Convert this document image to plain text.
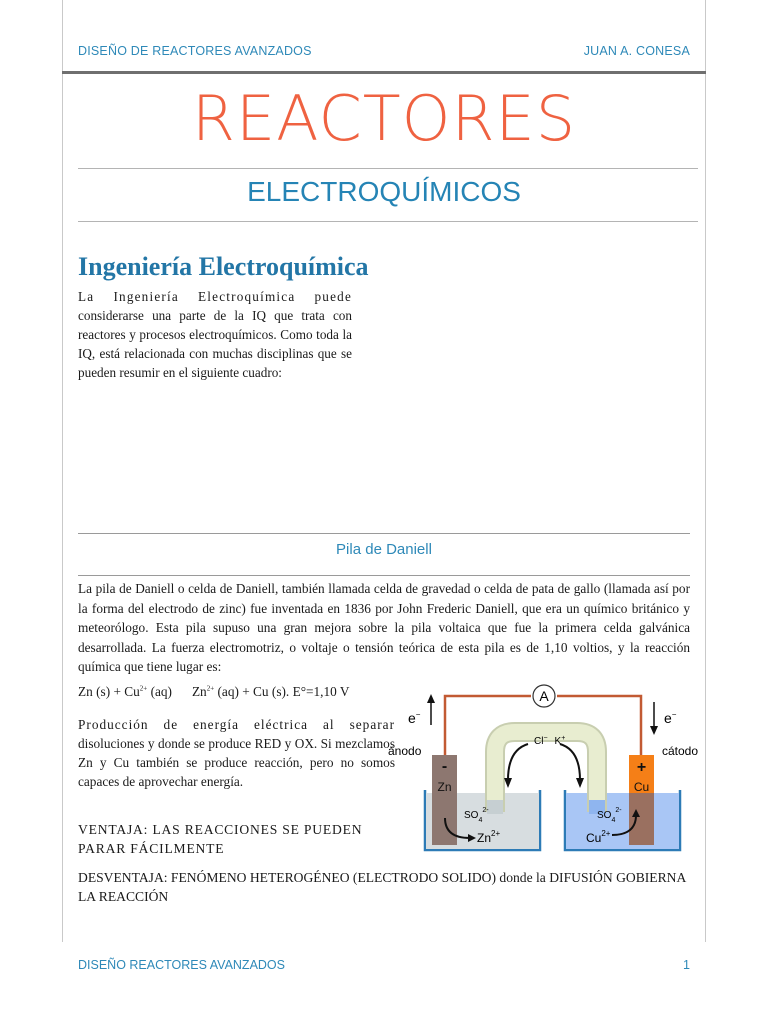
DISEÑO DE REACTORES AVANZADOS	JUAN A. CONESA
REACTORES
ELECTROQUÍMICOS
Ingeniería Electroquímica
La Ingeniería Electroquímica puede considerarse una parte de la IQ que trata con reactores y procesos electroquímicos. Como toda la IQ, está relacionada con muchas disciplinas que se pueden resumir en el siguiente cuadro:
Pila de Daniell
La pila de Daniell o celda de Daniell, también llamada celda de gravedad o celda de pata de gallo (llamada así por la forma del electrodo de zinc) fue inventada en 1836 por John Frederic Daniell, que era un químico británico y meteorólogo. Esta pila supuso una gran mejora sobre la pila voltaica que fue la primera celda galvánica desarrollada. La fuerza electromotriz, o voltaje o tensión teórica de esta pila es de 1,10 voltios, y la reacción química que tiene lugar es:
Zn $(s) + Cu^{2+}$ (aq) $Zn^{2+}$ (aq) + Cu (s). E°=1,10 V
Producción de energía eléctrica al separar disoluciones y donde se produce RED y OX. Si mezclamos Zn y Cu también se produce reacción, pero no somos capaces de aprovechar energía.
VENTAJA: LAS REACCIONES SE PUEDEN PARAR FÁCILMENTE
DESVENTAJA: FENÓMENO HETEROGÉNEO (ELECTRODO SOLIDO) donde la DIFUSIÓN GOBIERNA LA REACCIÓN
A
e−	e−
ánodo	cátodo
Cl− K+
-
Zn
+
Cu
$SO_4^{2-}$	$SO_4^{2-}$
$Zn^{2+}$	$Cu^{2+}$
DISEÑO REACTORES AVANZADOS	1
